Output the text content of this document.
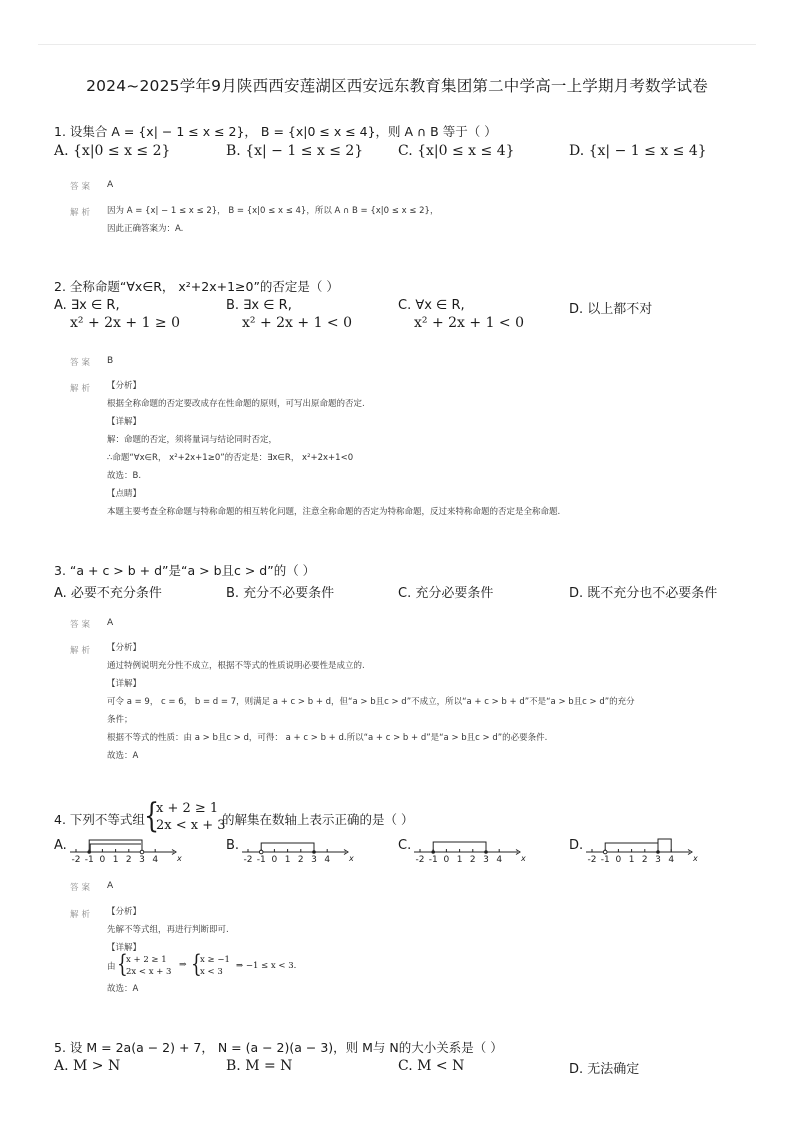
2024~2025学年9月陕西西安莲湖区西安远东教育集团第二中学高一上学期月考数学试卷
1. 设集合 A = {x| − 1 ≤ x ≤ 2}， B = {x|0 ≤ x ≤ 4}，则 A ∩ B 等于（ ）
A. {x|0 ≤ x ≤ 2}	B. {x| − 1 ≤ x ≤ 2} C. {x|0 ≤ x ≤ 4}	D. {x| − 1 ≤ x ≤ 4}
答案 A
解析 因为 A = {x| − 1 ≤ x ≤ 2}， B = {x|0 ≤ x ≤ 4}，所以 A ∩ B = {x|0 ≤ x ≤ 2}，
因此正确答案为：A.
2. 全称命题“∀x∈R， x²+2x+1≥0”的否定是（ ）
A. ∃x ∈ R,
x² + 2x + 1 ≥ 0
B. ∃x ∈ R,
x² + 2x + 1 < 0
C. ∀x ∈ R,
x² + 2x + 1 < 0
D. 以上都不对
答案 B
解析 【分析】
根据全称命题的否定要改成存在性命题的原则，可写出原命题的否定.
【详解】
解：命题的否定，须将量词与结论同时否定，
∴命题“∀x∈R， x²+2x+1≥0”的否定是：∃x∈R， x²+2x+1<0
故选：B.
【点睛】
本题主要考查全称命题与特称命题的相互转化问题，注意全称命题的否定为特称命题，反过来特称命题的否定是全称命题.
3. “a + c > b + d”是“a > b且c > d”的（ ）
A. 必要不充分条件	B. 充分不必要条件	C. 充分必要条件	D. 既不充分也不必要条件
答案 A
解析 【分析】
通过特例说明充分性不成立，根据不等式的性质说明必要性是成立的.
【详解】
可令 a = 9， c = 6， b = d = 7，则满足 a + c > b + d，但“a > b且c > d”不成立，所以“a + c > b + d”不是“a > b且c > d”的充分
条件；
根据不等式的性质：由 a > b且c > d，可得： a + c > b + d.所以“a + c > b + d”是“a > b且c > d”的必要条件.
故选：A
4. 下列不等式组 {
x + 2 ≥ 1
2x < x + 3
的解集在数轴上表示正确的是（ ）
A.	B.	C.	D.
-2 -1 0 1 2 3 4 x	-2 -1 0 1 2 3 4 x	-2 -1 0 1 2 3 4 x	-2 -1 0 1 2 3 4 x
答案 A
解析 【分析】
先解不等式组，再进行判断即可.
【详解】
由 {
x + 2 ≥ 1
2x < x + 3
⇒ {
x ≥ −1
x < 3
⇒ −1 ≤ x < 3.
故选：A
5. 设 M = 2a(a − 2) + 7， N = (a − 2)(a − 3)，则 M与 N的大小关系是（ ）
A. M > N	B. M = N	C. M < N	D. 无法确定
